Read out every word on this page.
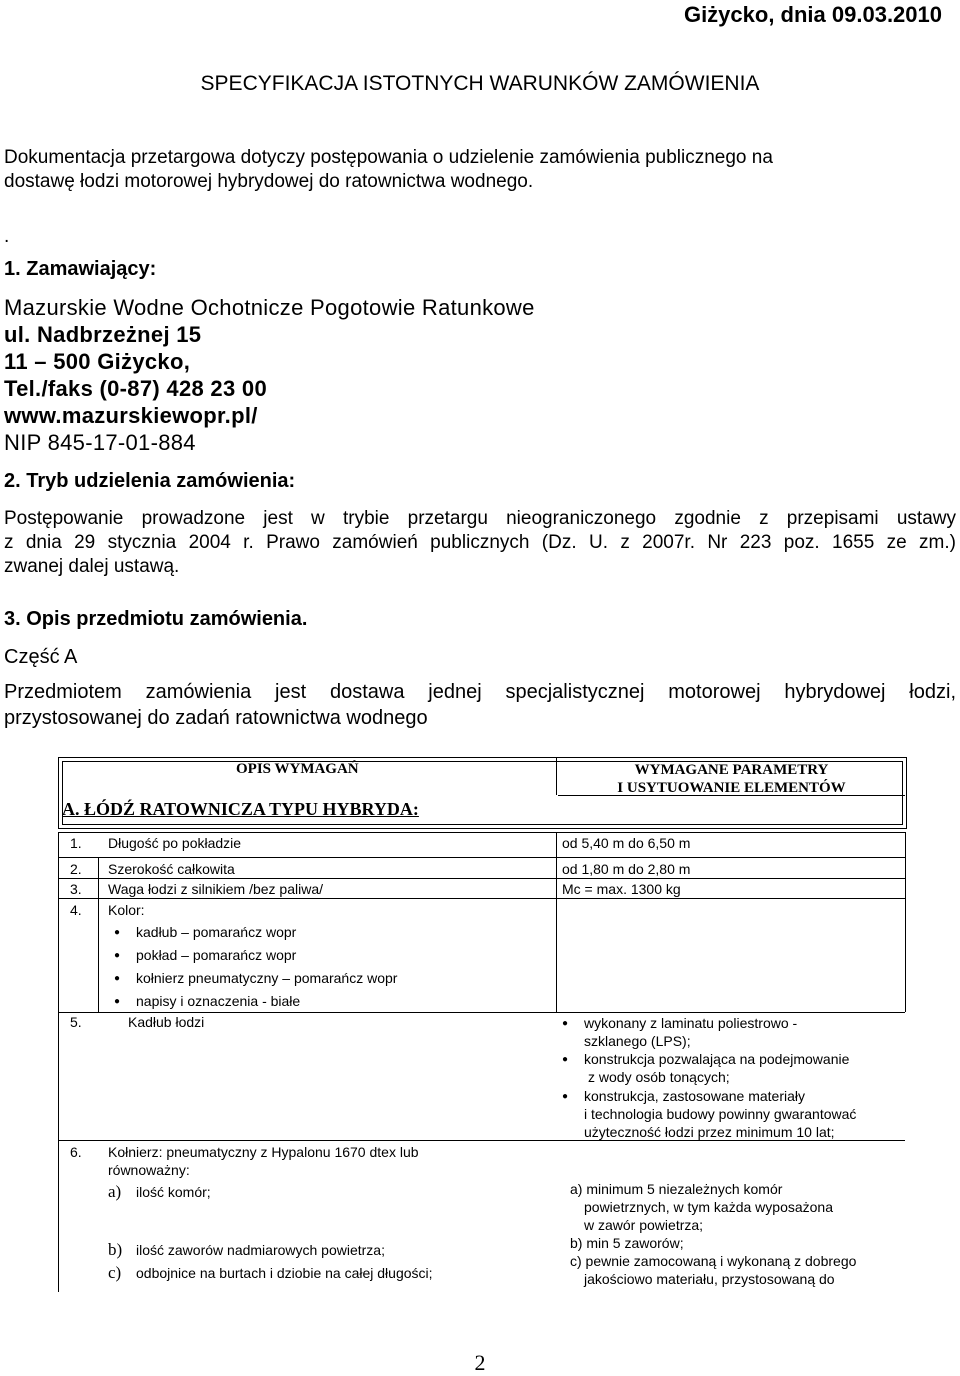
Giżycko, dnia 09.03.2010
SPECYFIKACJA ISTOTNYCH WARUNKÓW ZAMÓWIENIA
Dokumentacja przetargowa dotyczy postępowania o udzielenie zamówienia publicznego na
dostawę łodzi motorowej hybrydowej do ratownictwa wodnego.
.
1. Zamawiający:
Mazurskie Wodne Ochotnicze Pogotowie Ratunkowe
ul. Nadbrzeżnej 15
11 – 500 Giżycko,
Tel./faks (0-87) 428 23 00
www.mazurskiewopr.pl/
NIP 845-17-01-884
2. Tryb udzielenia zamówienia:
Postępowanie prowadzone jest w trybie przetargu nieograniczonego zgodnie z przepisami ustawy
z dnia 29 stycznia 2004 r. Prawo zamówień publicznych (Dz. U. z 2007r. Nr 223 poz. 1655 ze zm.)
zwanej dalej ustawą.
3. Opis przedmiotu zamówienia.
Część A
Przedmiotem zamówienia jest dostawa jednej specjalistycznej motorowej hybrydowej łodzi,
przystosowanej do zadań ratownictwa wodnego
OPIS WYMAGAŃ	WYMAGANE PARAMETRY
I USYTUOWANIE ELEMENTÓW
A. ŁÓDŹ RATOWNICZA TYPU HYBRYDA:
1. Długość po pokładzie	od 5,40 m do 6,50 m
2. Szerokość całkowita	od 1,80 m do 2,80 m
3. Waga łodzi z silnikiem /bez paliwa/	Mc = max. 1300 kg
4. Kolor:
● kadłub – pomarańcz wopr
● pokład – pomarańcz wopr
● kołnierz pneumatyczny – pomarańcz wopr
● napisy i oznaczenia - białe
5.	Kadłub łodzi
●	wykonany z laminatu poliestrowo -
szklanego (LPS);
● konstrukcja pozwalająca na podejmowanie
z wody osób tonących;
● konstrukcja, zastosowane materiały
i technologia budowy powinny gwarantować
użyteczność łodzi przez minimum 10 lat;
6. Kołnierz: pneumatyczny z Hypalonu 1670 dtex lub
równoważny:
a) ilość komór;
b) ilość zaworów nadmiarowych powietrza;
c) odbojnice na burtach i dziobie na całej długości;
a) minimum 5 niezależnych komór
powietrznych, w tym każda wyposażona
w zawór powietrza;
b) min 5 zaworów;
c) pewnie zamocowaną i wykonaną z dobrego
jakościowo materiału, przystosowaną do
2
